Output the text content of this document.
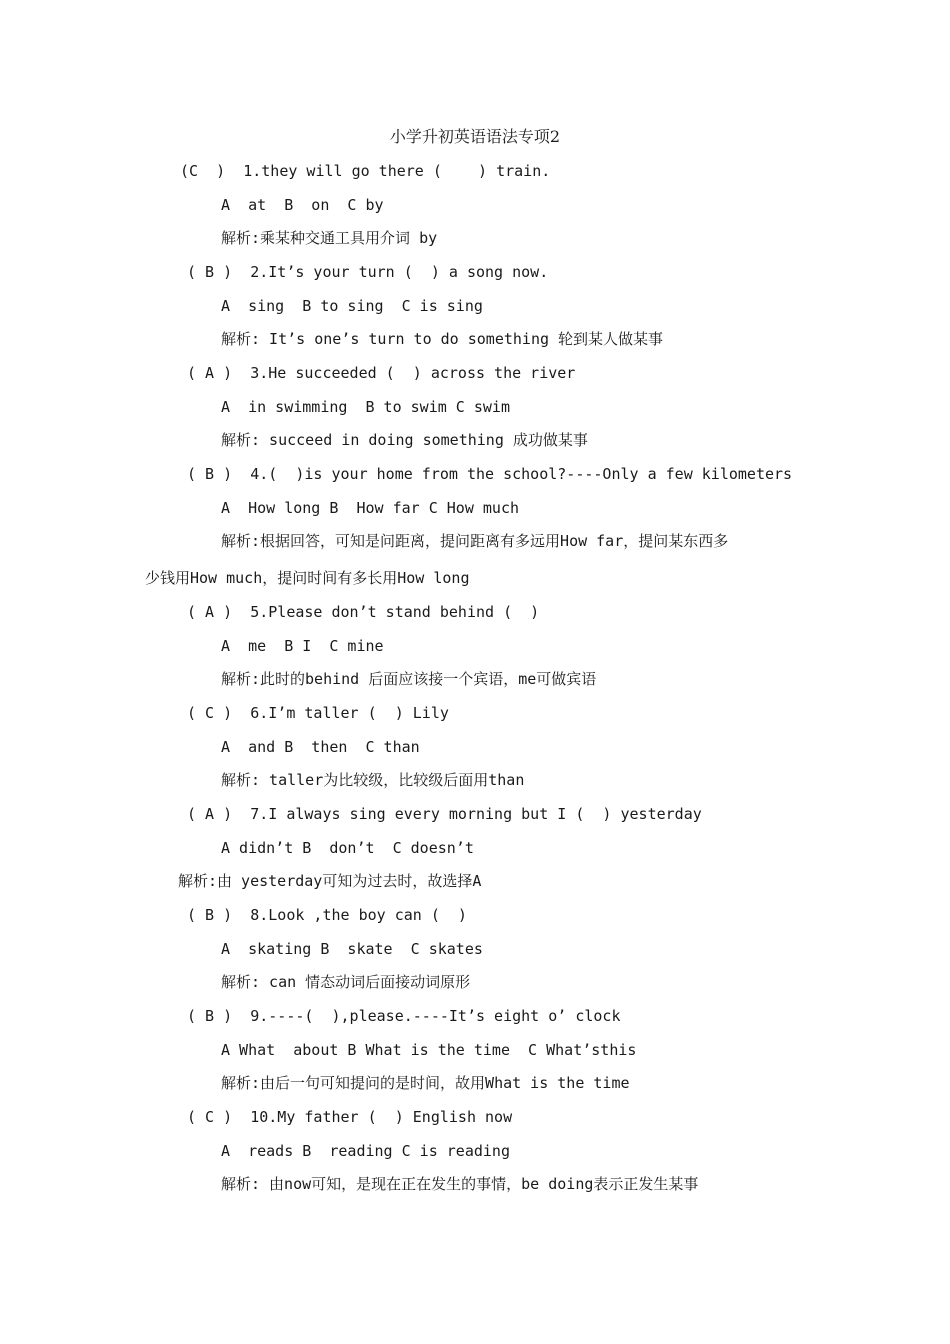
小学升初英语语法专项2
(C  )  1.they will go there (    ) train.
A  at  B  on  C by
解析:乘某种交通工具用介词 by
( B )  2.It’s your turn (  ) a song now.
A  sing  B to sing  C is sing
解析: It’s one’s turn to do something 轮到某人做某事
( A )  3.He succeeded (  ) across the river
A  in swimming  B to swim C swim
解析: succeed in doing something 成功做某事
( B )  4.(  )is your home from the school?----Only a few kilometers
A  How long B  How far C How much
解析:根据回答，可知是问距离，提问距离有多远用How far，提问某东西多
少钱用How much，提问时间有多长用How long
( A )  5.Please don’t stand behind (  )
A  me  B I  C mine
解析:此时的behind 后面应该接一个宾语，me可做宾语
( C )  6.I’m taller (  ) Lily
A  and B  then  C than
解析: taller为比较级，比较级后面用than
( A )  7.I always sing every morning but I (  ) yesterday
A didn’t B  don’t  C doesn’t
解析:由 yesterday可知为过去时，故选择A
( B )  8.Look ,the boy can (  )
A  skating B  skate  C skates
解析: can 情态动词后面接动词原形
( B )  9.----(  ),please.----It’s eight o’ clock
A What  about B What is the time  C What’sthis
解析:由后一句可知提问的是时间，故用What is the time
( C )  10.My father (  ) English now
A  reads B  reading C is reading
解析: 由now可知，是现在正在发生的事情，be doing表示正发生某事
